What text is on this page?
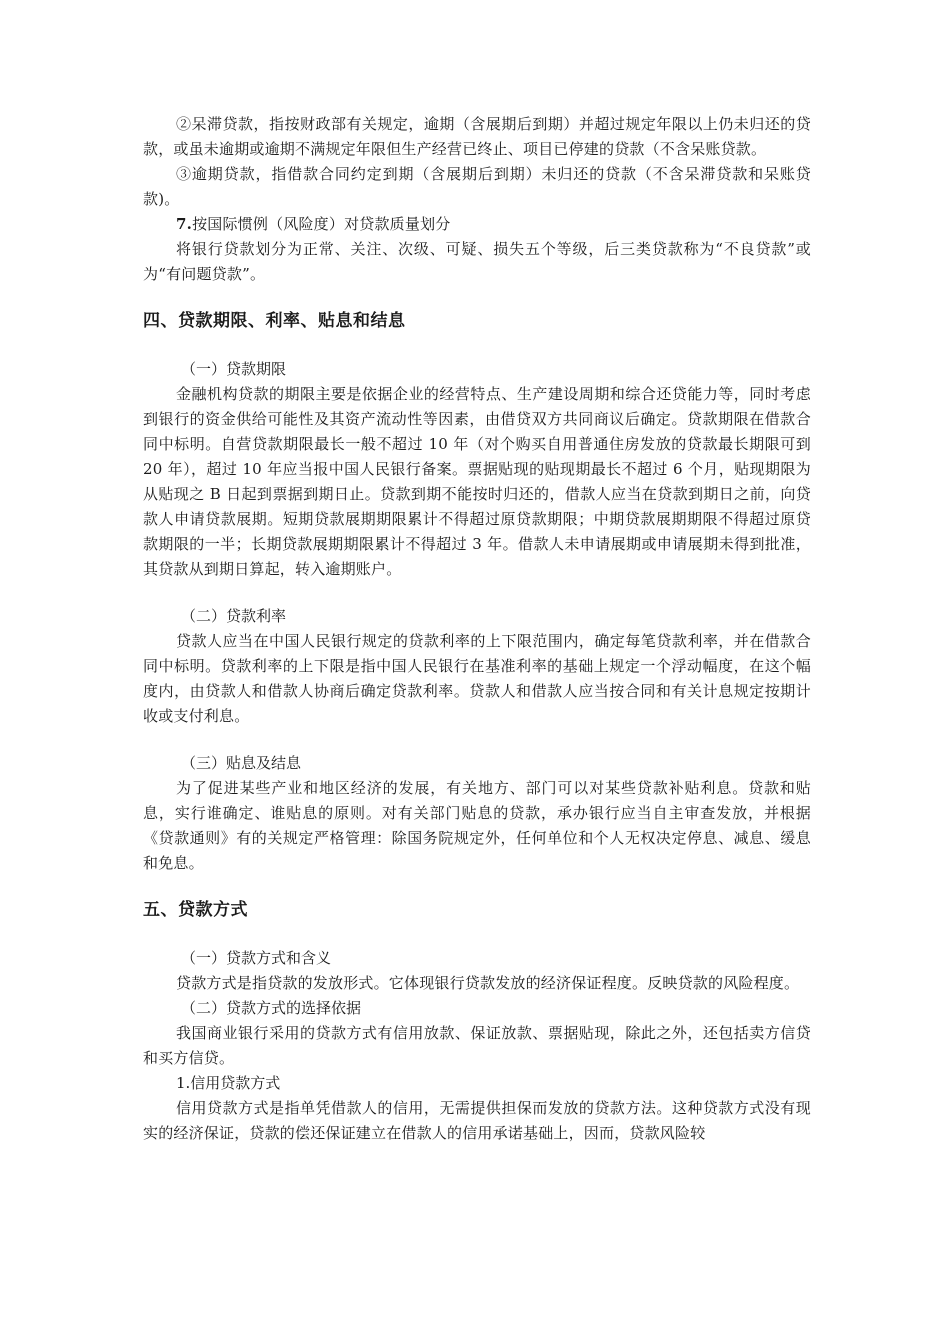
②呆滞贷款，指按财政部有关规定，逾期（含展期后到期）并超过规定年限以上仍未归还的贷款，或虽未逾期或逾期不满规定年限但生产经营已终止、项目已停建的贷款（不含呆账贷款。

③逾期贷款，指借款合同约定到期（含展期后到期）未归还的贷款（不含呆滞贷款和呆账贷款)。

7.按国际惯例（风险度）对贷款质量划分

将银行贷款划分为正常、关注、次级、可疑、损失五个等级，后三类贷款称为“不良贷款”或为“有问题贷款”。

四、贷款期限、利率、贴息和结息

（一）贷款期限

金融机构贷款的期限主要是依据企业的经营特点、生产建设周期和综合还贷能力等，同时考虑到银行的资金供给可能性及其资产流动性等因素，由借贷双方共同商议后确定。贷款期限在借款合同中标明。自营贷款期限最长一般不超过 10 年（对个购买自用普通住房发放的贷款最长期限可到 20 年），超过 10 年应当报中国人民银行备案。票据贴现的贴现期最长不超过 6 个月，贴现期限为从贴现之 B 日起到票据到期日止。贷款到期不能按时归还的，借款人应当在贷款到期日之前，向贷款人申请贷款展期。短期贷款展期期限累计不得超过原贷款期限；中期贷款展期期限不得超过原贷款期限的一半；长期贷款展期期限累计不得超过 3 年。借款人未申请展期或申请展期未得到批准，其贷款从到期日算起，转入逾期账户。

（二）贷款利率

贷款人应当在中国人民银行规定的贷款利率的上下限范围内，确定每笔贷款利率，并在借款合同中标明。贷款利率的上下限是指中国人民银行在基准利率的基础上规定一个浮动幅度，在这个幅度内，由贷款人和借款人协商后确定贷款利率。贷款人和借款人应当按合同和有关计息规定按期计收或支付利息。

（三）贴息及结息

为了促进某些产业和地区经济的发展，有关地方、部门可以对某些贷款补贴利息。贷款和贴息，实行谁确定、谁贴息的原则。对有关部门贴息的贷款，承办银行应当自主审查发放，并根据《贷款通则》有的关规定严格管理：除国务院规定外，任何单位和个人无权决定停息、减息、缓息和免息。

五、贷款方式

（一）贷款方式和含义

贷款方式是指贷款的发放形式。它体现银行贷款发放的经济保证程度。反映贷款的风险程度。

（二）贷款方式的选择依据

我国商业银行采用的贷款方式有信用放款、保证放款、票据贴现，除此之外，还包括卖方信贷和买方信贷。

1.信用贷款方式

信用贷款方式是指单凭借款人的信用，无需提供担保而发放的贷款方法。这种贷款方式没有现实的经济保证，贷款的偿还保证建立在借款人的信用承诺基础上，因而，贷款风险较
